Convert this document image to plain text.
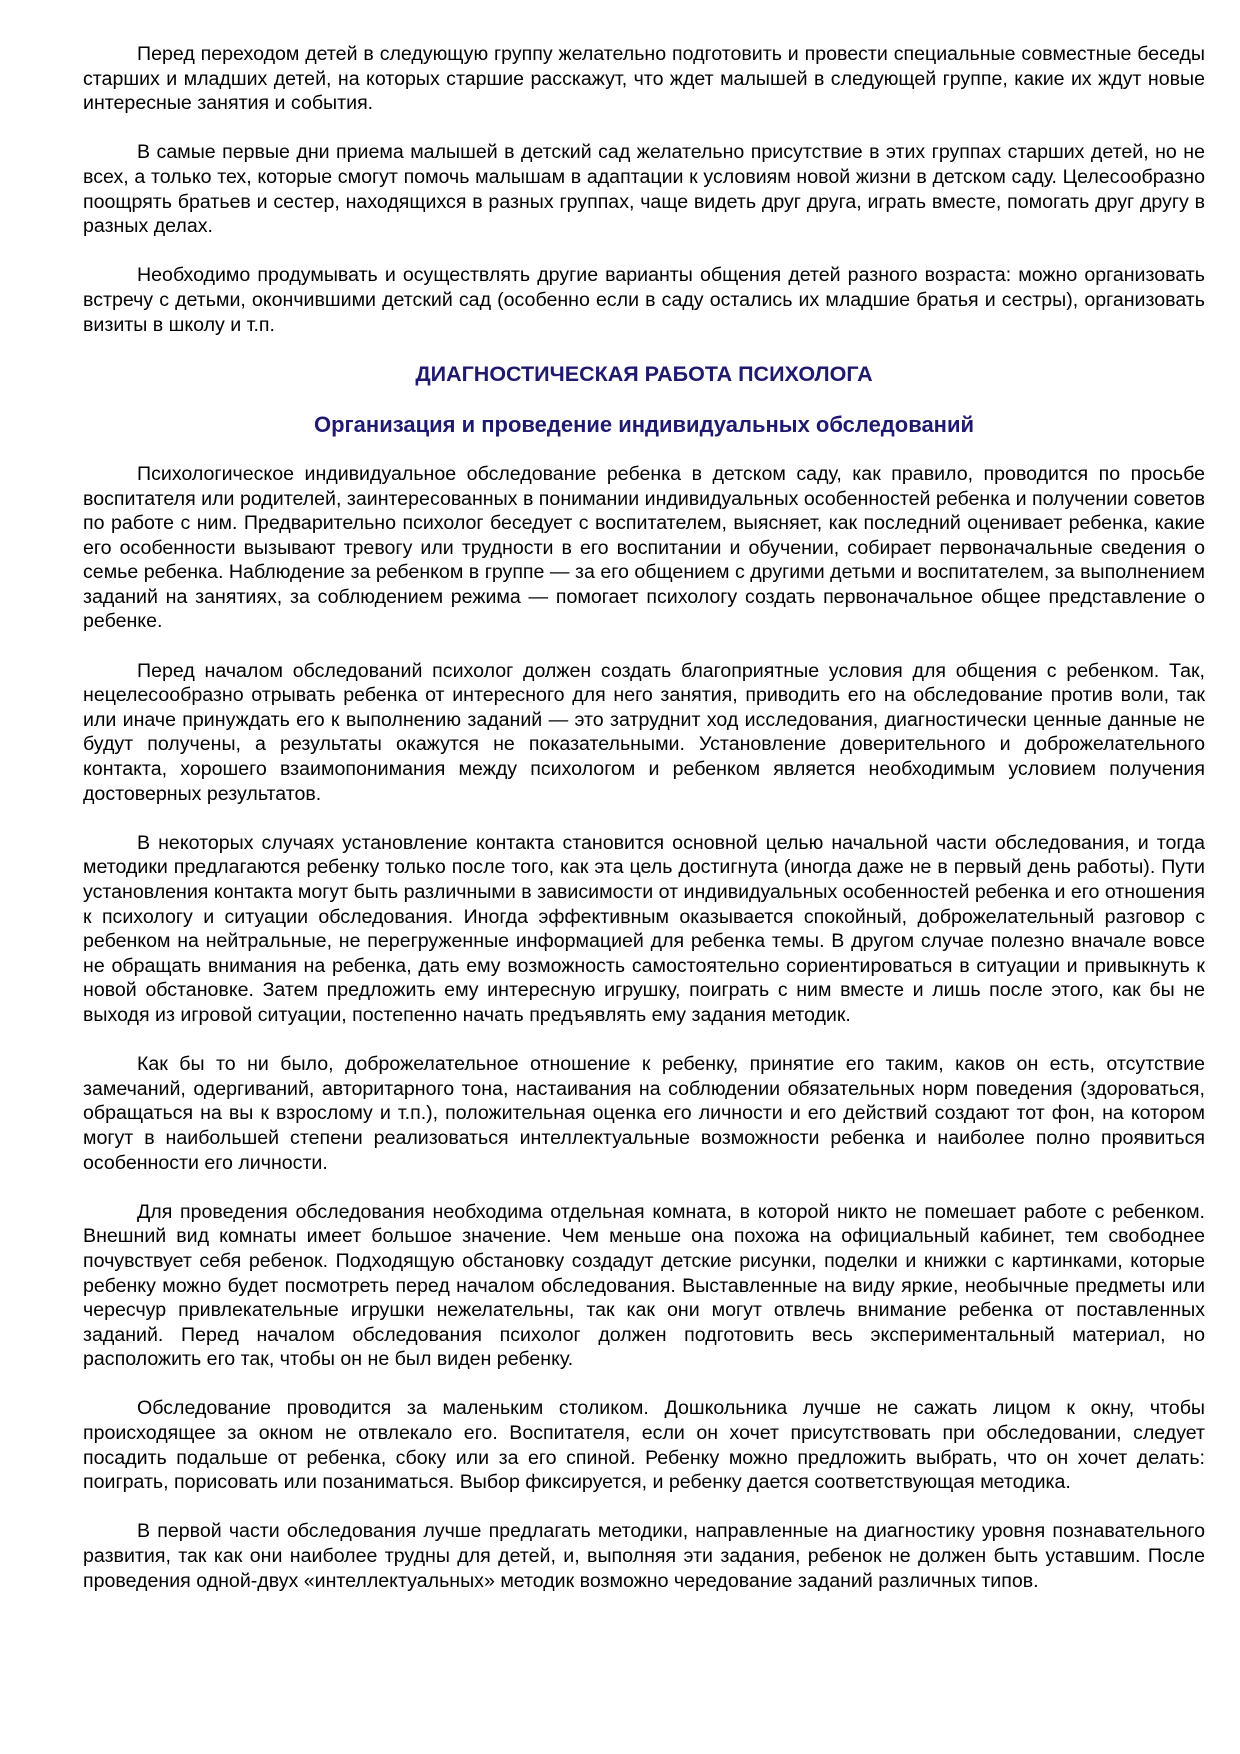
Перед переходом детей в следующую группу желательно подготовить и провести специальные совместные беседы старших и младших детей, на которых старшие расскажут, что ждет малышей в следующей группе, какие их ждут новые интересные занятия и события.

В самые первые дни приема малышей в детский сад желательно присутствие в этих группах старших детей, но не всех, а только тех, которые смогут помочь малышам в адаптации к условиям новой жизни в детском саду. Целесообразно поощрять братьев и сестер, находящихся в разных группах, чаще видеть друг друга, играть вместе, помогать друг другу в разных делах.

Необходимо продумывать и осуществлять другие варианты общения детей разного возраста: можно организовать встречу с детьми, окончившими детский сад (особенно если в саду остались их младшие братья и сестры), организовать визиты в школу и т.п.

ДИАГНОСТИЧЕСКАЯ РАБОТА ПСИХОЛОГА
Организация и проведение индивидуальных обследований

Психологическое индивидуальное обследование ребенка в детском саду, как правило, проводится по просьбе воспитателя или родителей, заинтересованных в понимании индивидуальных особенностей ребенка и получении советов по работе с ним. Предварительно психолог беседует с воспитателем, выясняет, как последний оценивает ребенка, какие его особенности вызывают тревогу или трудности в его воспитании и обучении, собирает первоначальные сведения о семье ребенка. Наблюдение за ребенком в группе — за его общением с другими детьми и воспитателем, за выполнением заданий на занятиях, за соблюдением режима — помогает психологу создать первоначальное общее представление о ребенке.

Перед началом обследований психолог должен создать благоприятные условия для общения с ребенком. Так, нецелесообразно отрывать ребенка от интересного для него занятия, приводить его на обследование против воли, так или иначе принуждать его к выполнению заданий — это затруднит ход исследования, диагностически ценные данные не будут получены, а результаты окажутся не показательными. Установление доверительного и доброжелательного контакта, хорошего взаимопонимания между психологом и ребенком является необходимым условием получения достоверных результатов.

В некоторых случаях установление контакта становится основной целью начальной части обследования, и тогда методики предлагаются ребенку только после того, как эта цель достигнута (иногда даже не в первый день работы). Пути установления контакта могут быть различными в зависимости от индивидуальных особенностей ребенка и его отношения к психологу и ситуации обследования. Иногда эффективным оказывается спокойный, доброжелательный разговор с ребенком на нейтральные, не перегруженные информацией для ребенка темы. В другом случае полезно вначале вовсе не обращать внимания на ребенка, дать ему возможность самостоятельно сориентироваться в ситуации и привыкнуть к новой обстановке. Затем предложить ему интересную игрушку, поиграть с ним вместе и лишь после этого, как бы не выходя из игровой ситуации, постепенно начать предъявлять ему задания методик.

Как бы то ни было, доброжелательное отношение к ребенку, принятие его таким, каков он есть, отсутствие замечаний, одергиваний, авторитарного тона, настаивания на соблюдении обязательных норм поведения (здороваться, обращаться на вы к взрослому и т.п.), положительная оценка его личности и его действий создают тот фон, на котором могут в наибольшей степени реализоваться интеллектуальные возможности ребенка и наиболее полно проявиться особенности его личности.

Для проведения обследования необходима отдельная комната, в которой никто не помешает работе с ребенком. Внешний вид комнаты имеет большое значение. Чем меньше она похожа на официальный кабинет, тем свободнее почувствует себя ребенок. Подходящую обстановку создадут детские рисунки, поделки и книжки с картинками, которые ребенку можно будет посмотреть перед началом обследования. Выставленные на виду яркие, необычные предметы или чересчур привлекательные игрушки нежелательны, так как они могут отвлечь внимание ребенка от поставленных заданий. Перед началом обследования психолог должен подготовить весь экспериментальный материал, но расположить его так, чтобы он не был виден ребенку.

Обследование проводится за маленьким столиком. Дошкольника лучше не сажать лицом к окну, чтобы происходящее за окном не отвлекало его. Воспитателя, если он хочет присутствовать при обследовании, следует посадить подальше от ребенка, сбоку или за его спиной. Ребенку можно предложить выбрать, что он хочет делать: поиграть, порисовать или позаниматься. Выбор фиксируется, и ребенку дается соответствующая методика.

В первой части обследования лучше предлагать методики, направленные на диагностику уровня познавательного развития, так как они наиболее трудны для детей, и, выполняя эти задания, ребенок не должен быть уставшим. После проведения одной-двух «интеллектуальных» методик возможно чередование заданий различных типов.
